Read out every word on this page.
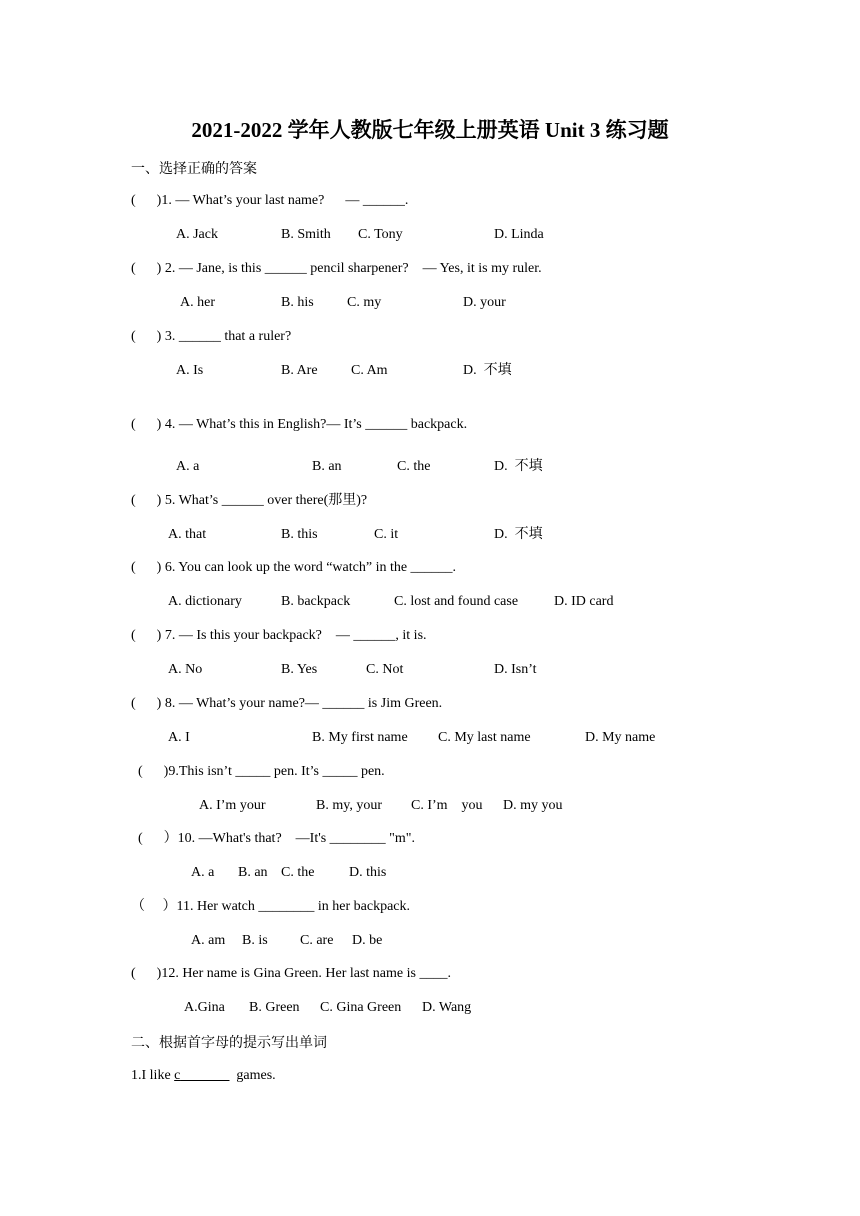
2021-2022 学年人教版七年级上册英语 Unit 3 练习题
一、选择正确的答案
(      )1. — What’s your last name?      — ______.
A. Jack	B. Smith C. Tony	D. Linda
(      ) 2. — Jane, is this ______ pencil sharpener?    — Yes, it is my ruler.
A. her	B. his C. my	D. your
(      ) 3. ______ that a ruler?
A. Is	B. Are C. Am	D.  不填
(      ) 4. — What’s this in English?— It’s ______ backpack.
A. a	B. an	C. the	D.  不填
(      ) 5. What’s ______ over there(那里)?
A. that	B. this	C. it	D.  不填
(      ) 6. You can look up the word “watch” in the ______.
A. dictionary	B. backpack	C. lost and found case	D. ID card
(      ) 7. — Is this your backpack?    — ______, it is.
A. No	B. Yes	C. Not	D. Isn’t
(      ) 8. — What’s your name?— ______ is Jim Green.
A. I	B. My first name C. My last name	D. My name
(      )9.This isn’t _____ pen. It’s _____ pen.
A. I’m your	B. my, your C. I’m    you D. my you
(      ）10. —What's that?    —It's ________ "m".
A. a B. an C. the D. this
（     ）11. Her watch ________ in her backpack.
A. am B. is C. are D. be
(      )12. Her name is Gina Green. Her last name is ____.
A.Gina B. Green C. Gina Green D. Wang
二、根据首字母的提示写出单词
1.I like c_______  games.
